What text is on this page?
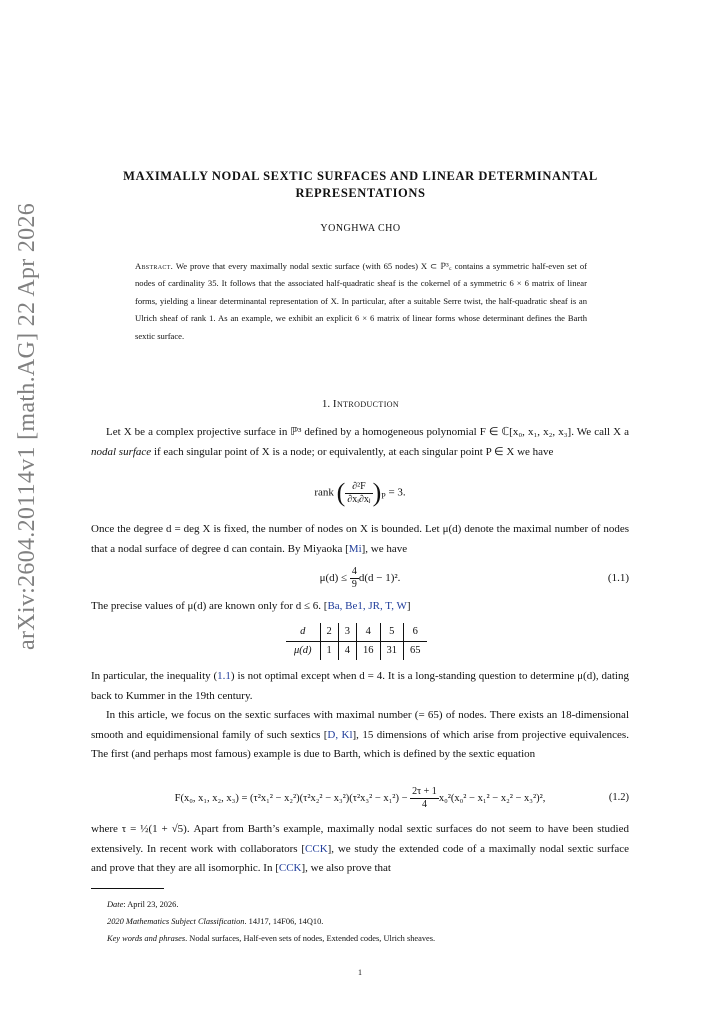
arXiv:2604.20114v1 [math.AG] 22 Apr 2026
MAXIMALLY NODAL SEXTIC SURFACES AND LINEAR DETERMINANTAL
REPRESENTATIONS
YONGHWA CHO
Abstract. We prove that every maximally nodal sextic surface (with 65 nodes) X ⊂ ℙ³꜀ contains a symmetric half-even set of nodes of cardinality 35. It follows that the associated half-quadratic sheaf is the cokernel of a symmetric 6 × 6 matrix of linear forms, yielding a linear determinantal representation of X. In particular, after a suitable Serre twist, the half-quadratic sheaf is an Ulrich sheaf of rank 1. As an example, we exhibit an explicit 6 × 6 matrix of linear forms whose determinant defines the Barth sextic surface.
1. Introduction
Let X be a complex projective surface in ℙ³ defined by a homogeneous polynomial F ∈ ℂ[x₀, x₁, x₂, x₃]. We call X a nodal surface if each singular point of X is a node; or equivalently, at each singular point P ∈ X we have
rank ( $\frac{\text{∂²F}}{\text{∂xᵢ∂xⱼ}} )_P = 3$.
Once the degree d = deg X is fixed, the number of nodes on X is bounded. Let μ(d) denote the maximal number of nodes that a nodal surface of degree d can contain. By Miyaoka [Mi], we have
$\mu(d) \le \frac{4}{9} d(d - 1)^2$.	(1.1)
The precise values of μ(d) are known only for d ≤ 6. [Ba, Be1, JR, T, W]
d	2	3	4	5	6
μ(d)	1	4	16	31	65
In particular, the inequality (1.1) is not optimal except when d = 4. It is a long-standing question to determine μ(d), dating back to Kummer in the 19th century.
In this article, we focus on the sextic surfaces with maximal number (= 65) of nodes. There exists an 18-dimensional smooth and equidimensional family of such sextics [D, Kl], 15 dimensions of which arise from projective equivalences. The first (and perhaps most famous) example is due to Barth, which is defined by the sextic equation
F(x₀, x₁, x₂, $x_3) = (\tau^2x_1^2 - x_2^2)(\tau^2x_2^2 - x_3^2)(\tau^2x_3^2 - x_1^2) - \frac{2\tau + 1}{4} x_0^2(x_0^2 - x_1^2 - x_2^2 - x_3^2)^2$,	(1.2)
where τ = ½(1 + √5). Apart from Barth’s example, maximally nodal sextic surfaces do not seem to have been studied extensively. In recent work with collaborators [CCK], we study the extended code of a maximally nodal sextic surface and prove that they are all isomorphic. In [CCK], we also prove that
Date: April 23, 2026.
2020 Mathematics Subject Classification. 14J17, 14F06, 14Q10.
Key words and phrases. Nodal surfaces, Half-even sets of nodes, Extended codes, Ulrich sheaves.
1
